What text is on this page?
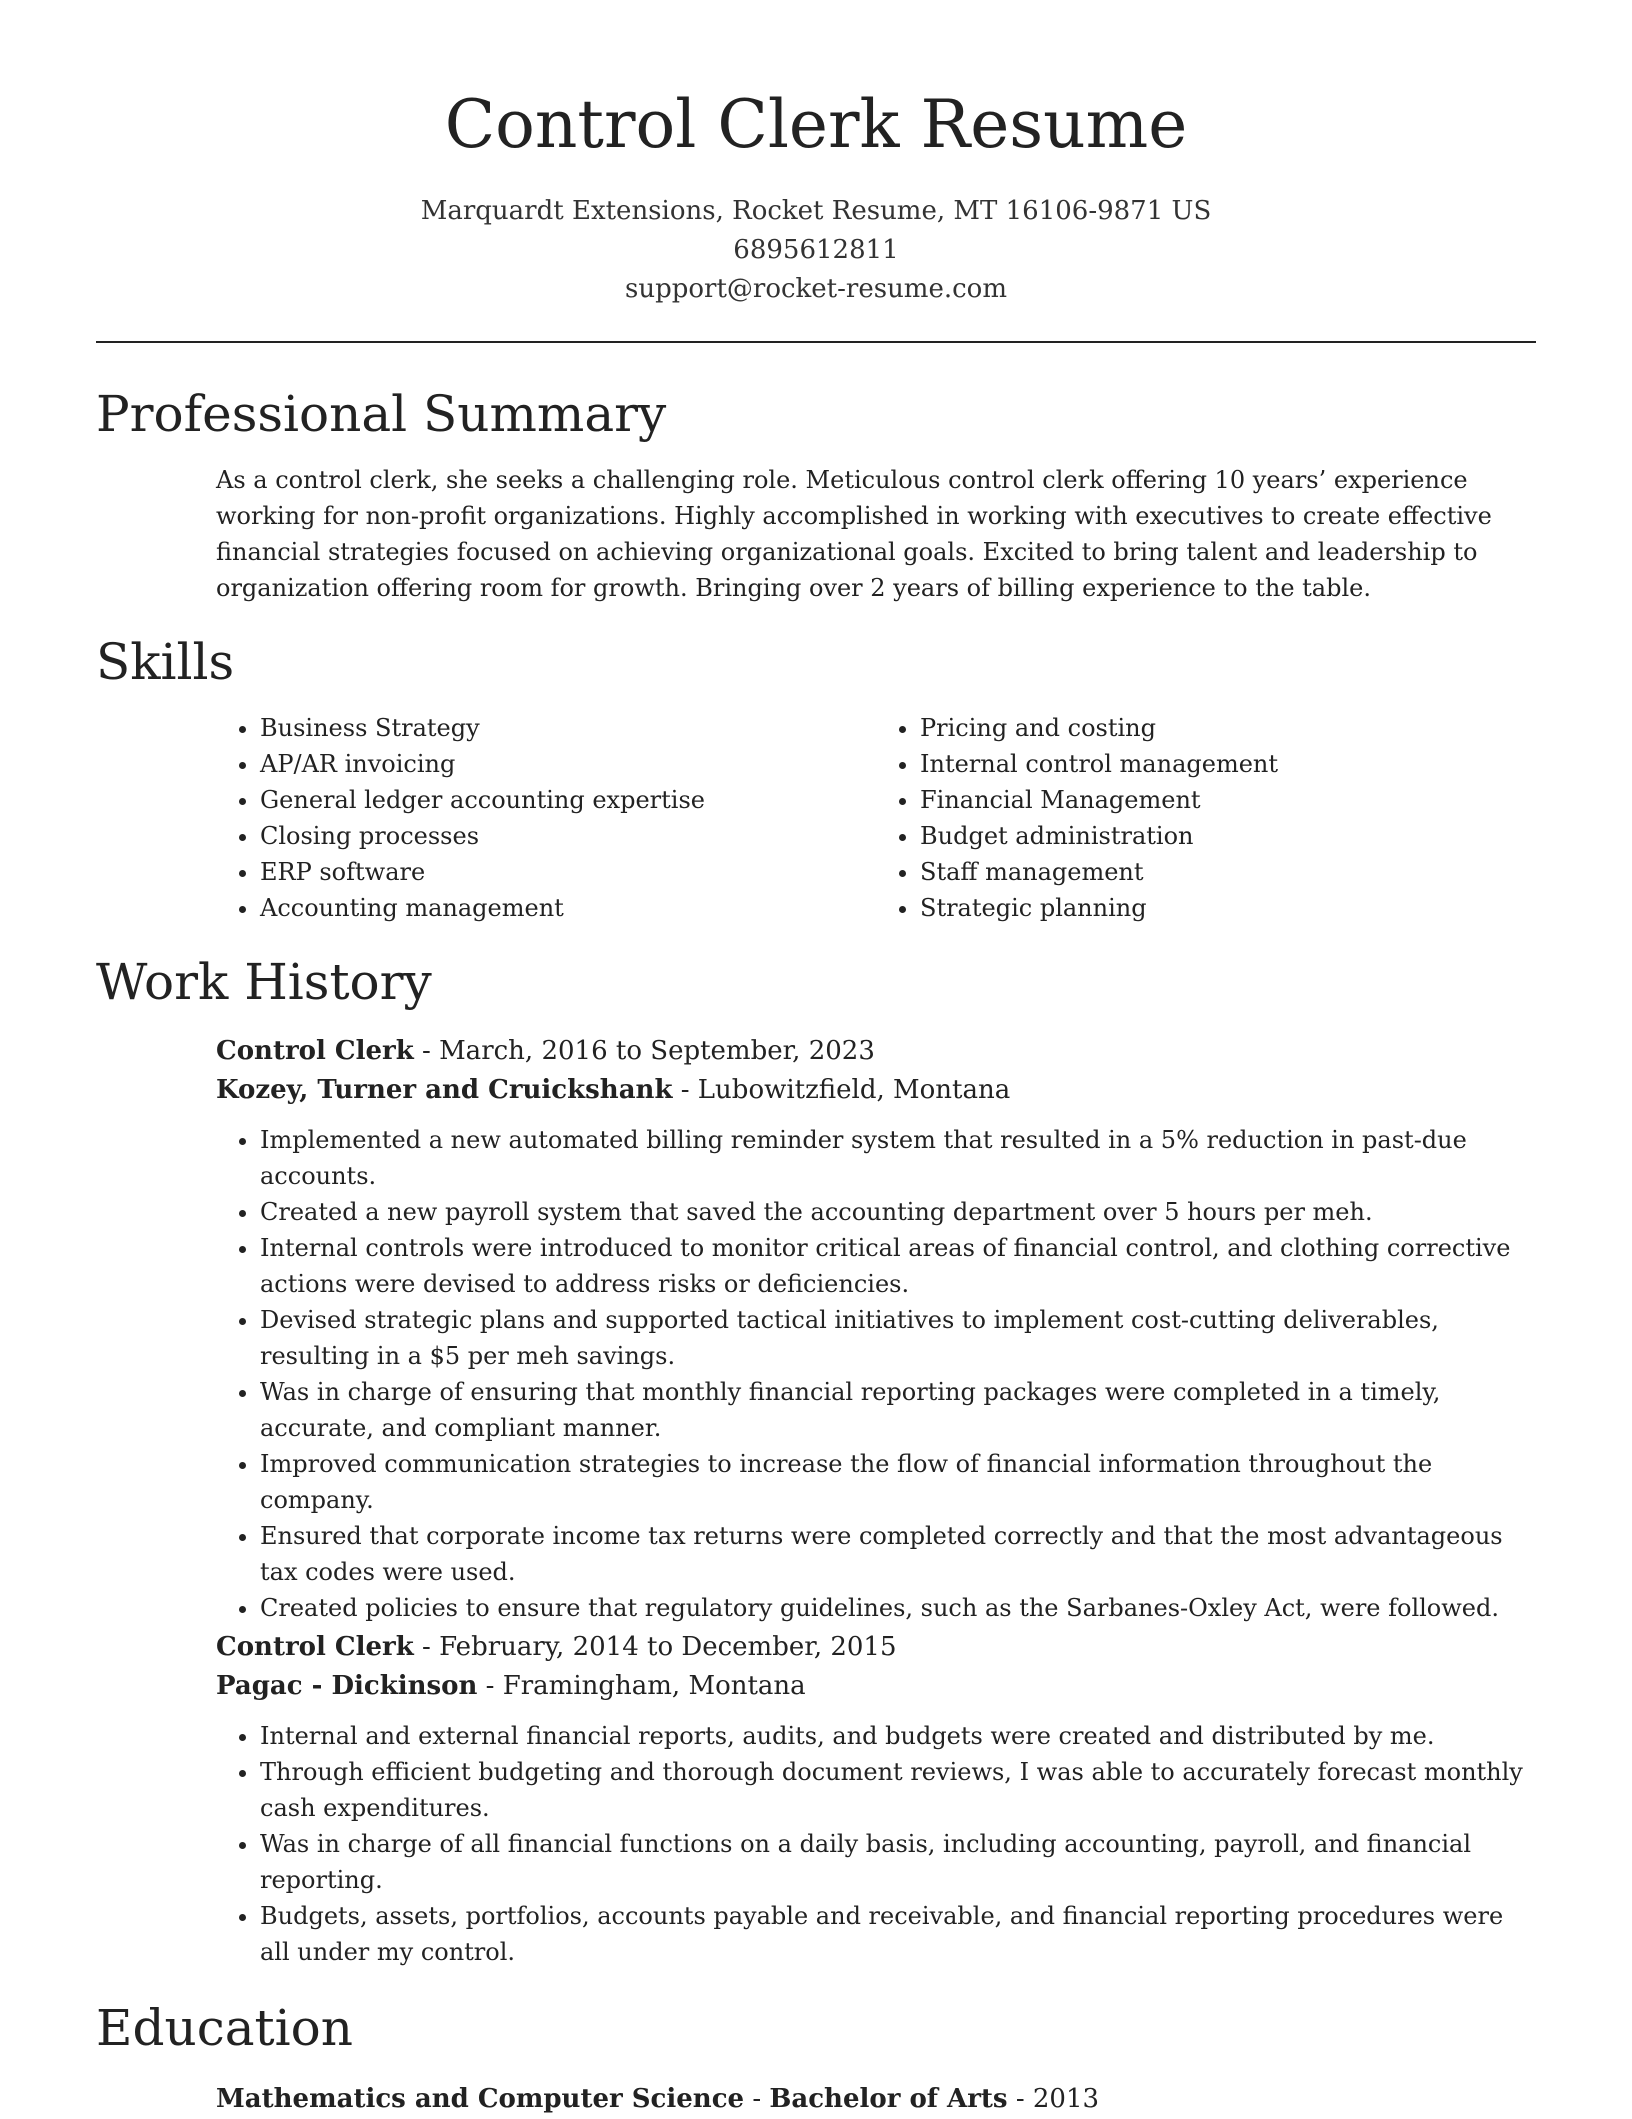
Control Clerk Resume
Marquardt Extensions, Rocket Resume, MT 16106-9871 US
6895612811
support@rocket-resume.com
Professional Summary

As a control clerk, she seeks a challenging role. Meticulous control clerk offering 10 years’ experience working for non-profit organizations. Highly accomplished in working with executives to create effective financial strategies focused on achieving organizational goals. Excited to bring talent and leadership to organization offering room for growth. Bringing over 2 years of billing experience to the table.

Skills
• Business Strategy
• AP/AR invoicing
• General ledger accounting expertise
• Closing processes
• ERP software
• Accounting management
• Pricing and costing
• Internal control management
• Financial Management
• Budget administration
• Staff management
• Strategic planning
Work History
Control Clerk - March, 2016 to September, 2023
Kozey, Turner and Cruickshank - Lubowitzfield, Montana
• Implemented a new automated billing reminder system that resulted in a 5% reduction in past-due accounts.
• Created a new payroll system that saved the accounting department over 5 hours per meh.
• Internal controls were introduced to monitor critical areas of financial control, and clothing corrective actions were devised to address risks or deficiencies.
• Devised strategic plans and supported tactical initiatives to implement cost-cutting deliverables, resulting in a $5 per meh savings.
• Was in charge of ensuring that monthly financial reporting packages were completed in a timely, accurate, and compliant manner.
• Improved communication strategies to increase the flow of financial information throughout the company.
• Ensured that corporate income tax returns were completed correctly and that the most advantageous tax codes were used.
• Created policies to ensure that regulatory guidelines, such as the Sarbanes-Oxley Act, were followed.
Control Clerk - February, 2014 to December, 2015
Pagac - Dickinson - Framingham, Montana
• Internal and external financial reports, audits, and budgets were created and distributed by me.
• Through efficient budgeting and thorough document reviews, I was able to accurately forecast monthly cash expenditures.
• Was in charge of all financial functions on a daily basis, including accounting, payroll, and financial reporting.
• Budgets, assets, portfolios, accounts payable and receivable, and financial reporting procedures were all under my control.
Education
Mathematics and Computer Science - Bachelor of Arts - 2013
